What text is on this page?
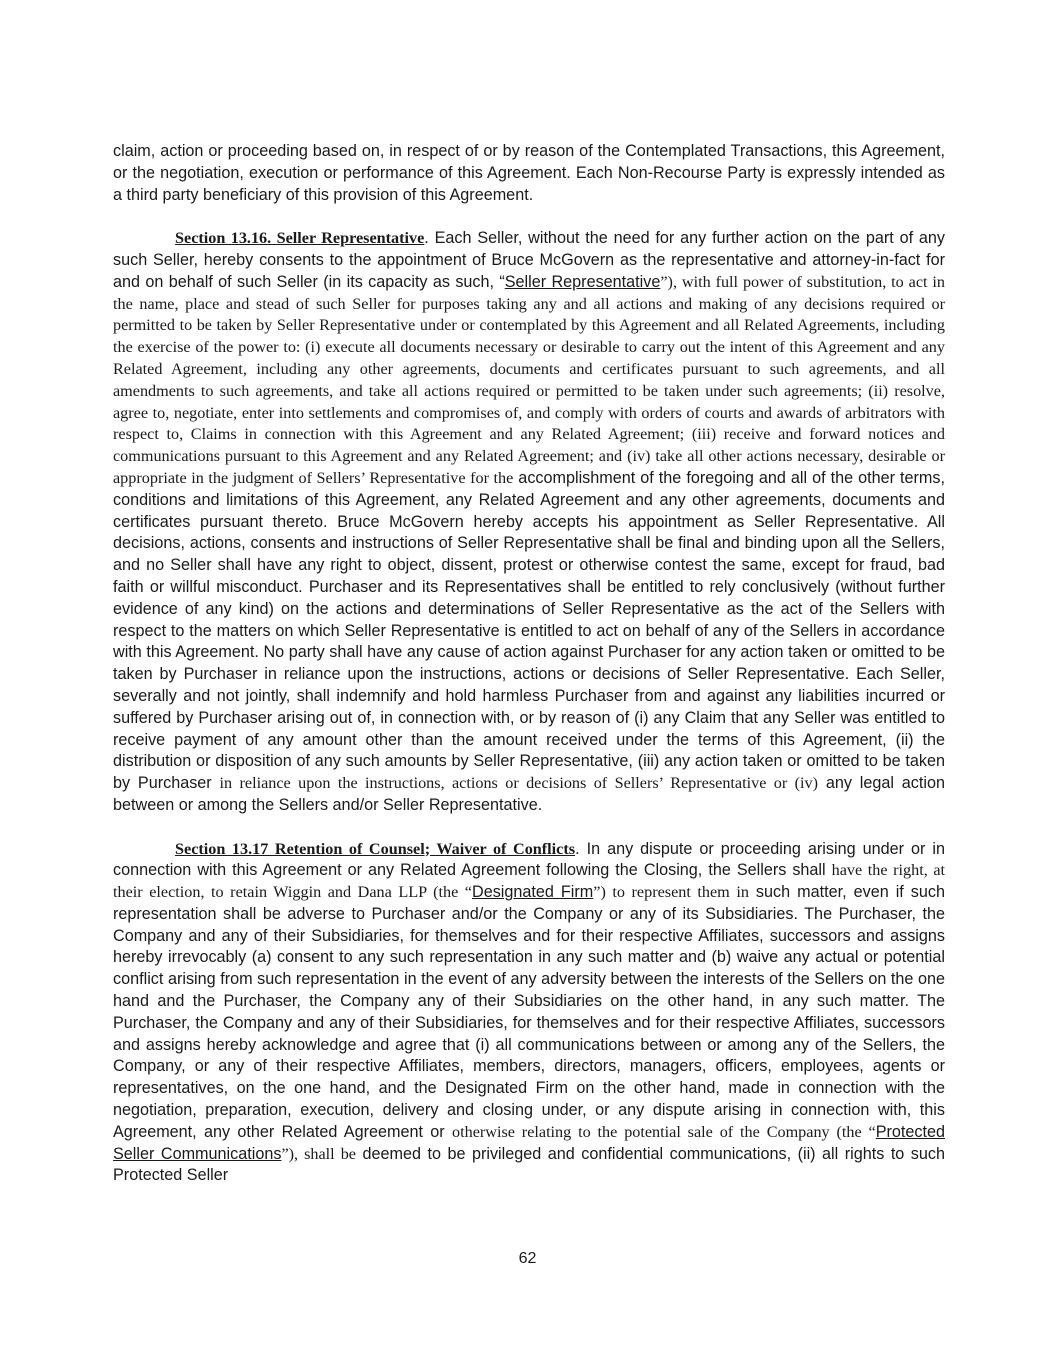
claim, action or proceeding based on, in respect of or by reason of the Contemplated Transactions, this Agreement, or the negotiation, execution or performance of this Agreement. Each Non-Recourse Party is expressly intended as a third party beneficiary of this provision of this Agreement.

Section 13.16. Seller Representative. Each Seller, without the need for any further action on the part of any such Seller, hereby consents to the appointment of Bruce McGovern as the representative and attorney-in-fact for and on behalf of such Seller (in its capacity as such, “Seller Representative”), with full power of substitution, to act in the name, place and stead of such Seller for purposes taking any and all actions and making of any decisions required or permitted to be taken by Seller Representative under or contemplated by this Agreement and all Related Agreements, including the exercise of the power to: (i) execute all documents necessary or desirable to carry out the intent of this Agreement and any Related Agreement, including any other agreements, documents and certificates pursuant to such agreements, and all amendments to such agreements, and take all actions required or permitted to be taken under such agreements; (ii) resolve, agree to, negotiate, enter into settlements and compromises of, and comply with orders of courts and awards of arbitrators with respect to, Claims in connection with this Agreement and any Related Agreement; (iii) receive and forward notices and communications pursuant to this Agreement and any Related Agreement; and (iv) take all other actions necessary, desirable or appropriate in the judgment of Sellers’ Representative for the accomplishment of the foregoing and all of the other terms, conditions and limitations of this Agreement, any Related Agreement and any other agreements, documents and certificates pursuant thereto. Bruce McGovern hereby accepts his appointment as Seller Representative. All decisions, actions, consents and instructions of Seller Representative shall be final and binding upon all the Sellers, and no Seller shall have any right to object, dissent, protest or otherwise contest the same, except for fraud, bad faith or willful misconduct. Purchaser and its Representatives shall be entitled to rely conclusively (without further evidence of any kind) on the actions and determinations of Seller Representative as the act of the Sellers with respect to the matters on which Seller Representative is entitled to act on behalf of any of the Sellers in accordance with this Agreement. No party shall have any cause of action against Purchaser for any action taken or omitted to be taken by Purchaser in reliance upon the instructions, actions or decisions of Seller Representative. Each Seller, severally and not jointly, shall indemnify and hold harmless Purchaser from and against any liabilities incurred or suffered by Purchaser arising out of, in connection with, or by reason of (i) any Claim that any Seller was entitled to receive payment of any amount other than the amount received under the terms of this Agreement, (ii) the distribution or disposition of any such amounts by Seller Representative, (iii) any action taken or omitted to be taken by Purchaser in reliance upon the instructions, actions or decisions of Sellers’ Representative or (iv) any legal action between or among the Sellers and/or Seller Representative.

Section 13.17 Retention of Counsel; Waiver of Conflicts. In any dispute or proceeding arising under or in connection with this Agreement or any Related Agreement following the Closing, the Sellers shall have the right, at their election, to retain Wiggin and Dana LLP (the “Designated Firm”) to represent them in such matter, even if such representation shall be adverse to Purchaser and/or the Company or any of its Subsidiaries. The Purchaser, the Company and any of their Subsidiaries, for themselves and for their respective Affiliates, successors and assigns hereby irrevocably (a) consent to any such representation in any such matter and (b) waive any actual or potential conflict arising from such representation in the event of any adversity between the interests of the Sellers on the one hand and the Purchaser, the Company any of their Subsidiaries on the other hand, in any such matter. The Purchaser, the Company and any of their Subsidiaries, for themselves and for their respective Affiliates, successors and assigns hereby acknowledge and agree that (i) all communications between or among any of the Sellers, the Company, or any of their respective Affiliates, members, directors, managers, officers, employees, agents or representatives, on the one hand, and the Designated Firm on the other hand, made in connection with the negotiation, preparation, execution, delivery and closing under, or any dispute arising in connection with, this Agreement, any other Related Agreement or otherwise relating to the potential sale of the Company (the “Protected Seller Communications”), shall be deemed to be privileged and confidential communications, (ii) all rights to such Protected Seller

62
